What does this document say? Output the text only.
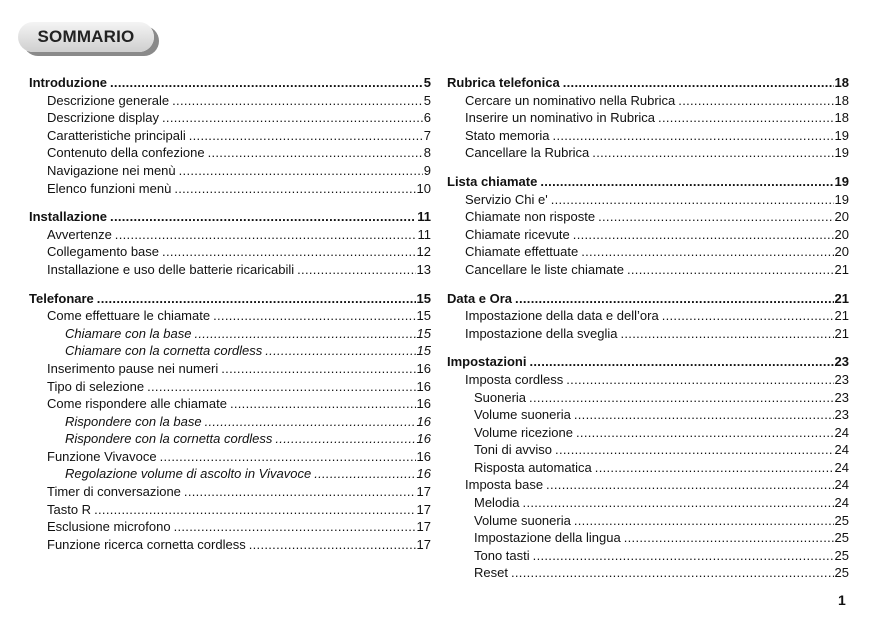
SOMMARIO
Introduzione .....	5
Descrizione generale .....	5
Descrizione display .....	6
Caratteristiche principali .....	7
Contenuto della confezione .....	8
Navigazione nei menù .....	9
Elenco funzioni menù .....	10
Installazione .....	11
Avvertenze .....	11
Collegamento base .....	12
Installazione e uso delle batterie ricaricabili .....	13
Telefonare .....	15
Come effettuare le chiamate .....	15
Chiamare con la base .....	15
Chiamare con la cornetta cordless .....	15
Inserimento pause nei numeri .....	16
Tipo di selezione .....	16
Come rispondere alle chiamate .....	16
Rispondere con la base .....	16
Rispondere con la cornetta cordless .....	16
Funzione Vivavoce .....	16
Regolazione volume di ascolto in Vivavoce .....	16
Timer di conversazione .....	17
Tasto R .....	17
Esclusione microfono .....	17
Funzione ricerca cornetta cordless .....	17
Rubrica telefonica .....	18
Cercare un nominativo nella Rubrica .....	18
Inserire un nominativo in Rubrica .....	18
Stato memoria .....	19
Cancellare la Rubrica .....	19
Lista chiamate .....	19
Servizio Chi e' .....	19
Chiamate non risposte .....	20
Chiamate ricevute .....	20
Chiamate effettuate .....	20
Cancellare le liste chiamate .....	21
Data e Ora .....	21
Impostazione della data e dell’ora .....	21
Impostazione della sveglia .....	21
Impostazioni .....	23
Imposta cordless .....	23
Suoneria .....	23
Volume suoneria .....	23
Volume ricezione .....	24
Toni di avviso .....	24
Risposta automatica .....	24
Imposta base .....	24
Melodia .....	24
Volume suoneria .....	25
Impostazione della lingua .....	25
Tono tasti .....	25
Reset .....	25
1
